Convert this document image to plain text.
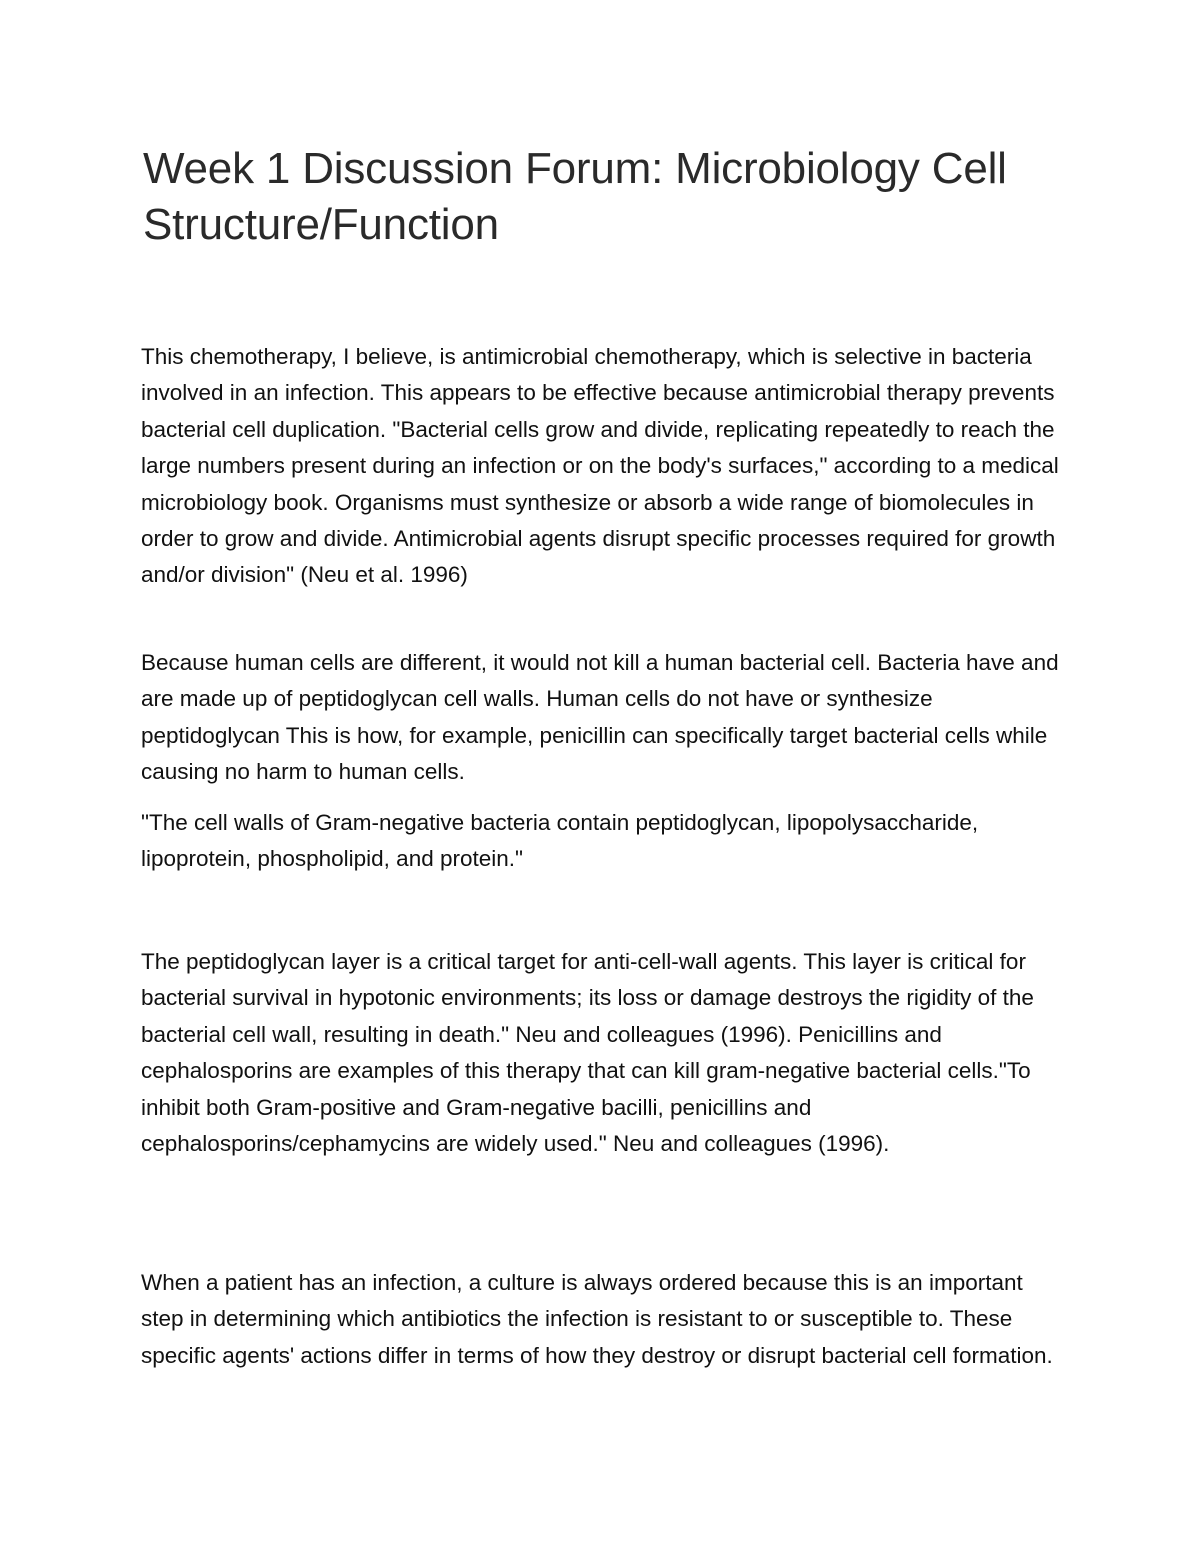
Week 1 Discussion Forum: Microbiology Cell Structure/Function

This chemotherapy, I believe, is antimicrobial chemotherapy, which is selective in bacteria involved in an infection. This appears to be effective because antimicrobial therapy prevents bacterial cell duplication. "Bacterial cells grow and divide, replicating repeatedly to reach the large numbers present during an infection or on the body's surfaces," according to a medical microbiology book. Organisms must synthesize or absorb a wide range of biomolecules in order to grow and divide. Antimicrobial agents disrupt specific processes required for growth and/or division" (Neu et al. 1996)

Because human cells are different, it would not kill a human bacterial cell. Bacteria have and are made up of peptidoglycan cell walls. Human cells do not have or synthesize peptidoglycan This is how, for example, penicillin can specifically target bacterial cells while causing no harm to human cells.

"The cell walls of Gram-negative bacteria contain peptidoglycan, lipopolysaccharide, lipoprotein, phospholipid, and protein."

The peptidoglycan layer is a critical target for anti-cell-wall agents. This layer is critical for bacterial survival in hypotonic environments; its loss or damage destroys the rigidity of the bacterial cell wall, resulting in death." Neu and colleagues (1996). Penicillins and cephalosporins are examples of this therapy that can kill gram-negative bacterial cells."To inhibit both Gram-positive and Gram-negative bacilli, penicillins and cephalosporins/cephamycins are widely used." Neu and colleagues (1996).

When a patient has an infection, a culture is always ordered because this is an important step in determining which antibiotics the infection is resistant to or susceptible to. These specific agents' actions differ in terms of how they destroy or disrupt bacterial cell formation.
